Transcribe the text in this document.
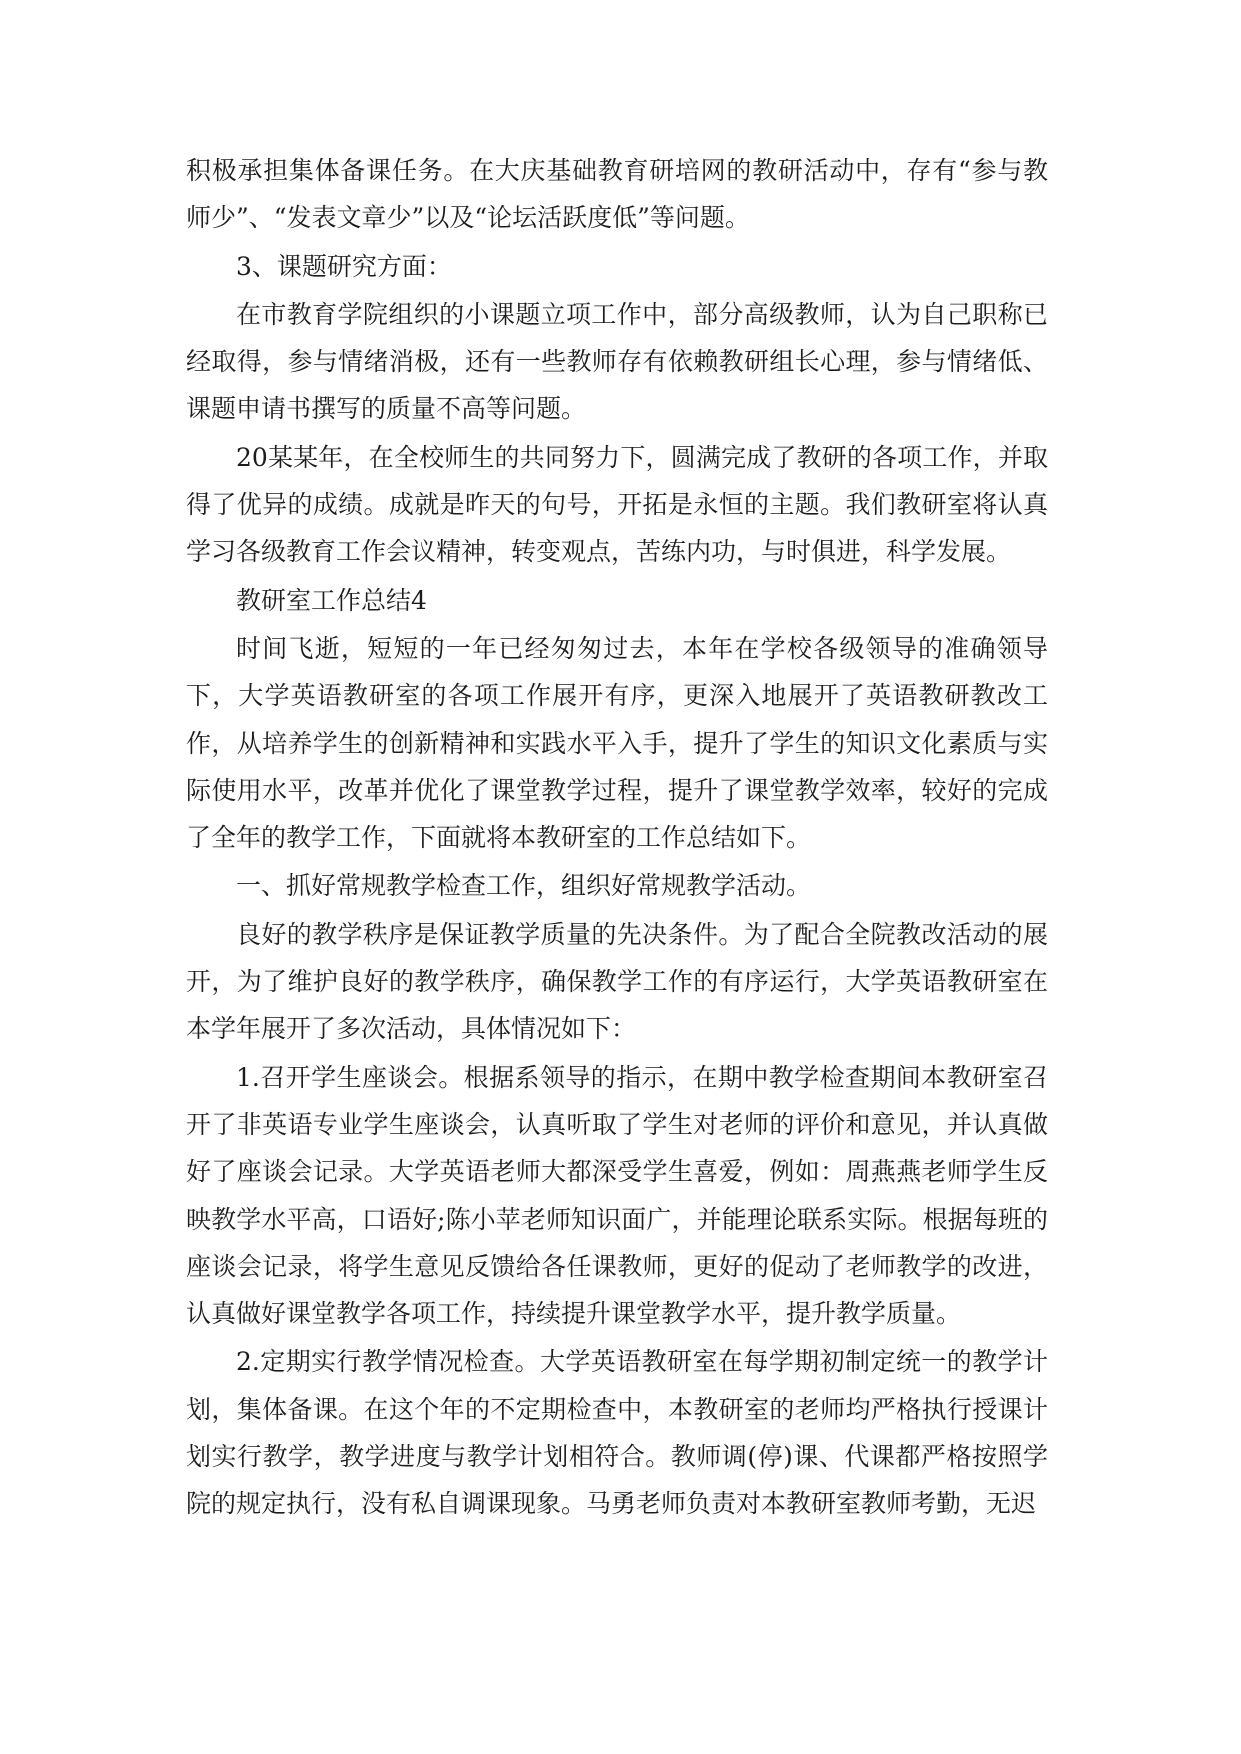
积极承担集体备课任务。在大庆基础教育研培网的教研活动中，存有“参与教师少”、“发表文章少”以及“论坛活跃度低”等问题。

3、课题研究方面：

在市教育学院组织的小课题立项工作中，部分高级教师，认为自己职称已经取得，参与情绪消极，还有一些教师存有依赖教研组长心理，参与情绪低、课题申请书撰写的质量不高等问题。

20某某年，在全校师生的共同努力下，圆满完成了教研的各项工作，并取得了优异的成绩。成就是昨天的句号，开拓是永恒的主题。我们教研室将认真学习各级教育工作会议精神，转变观点，苦练内功，与时俱进，科学发展。

教研室工作总结4

时间飞逝，短短的一年已经匆匆过去，本年在学校各级领导的准确领导下，大学英语教研室的各项工作展开有序，更深入地展开了英语教研教改工作，从培养学生的创新精神和实践水平入手，提升了学生的知识文化素质与实际使用水平，改革并优化了课堂教学过程，提升了课堂教学效率，较好的完成了全年的教学工作，下面就将本教研室的工作总结如下。

一、抓好常规教学检查工作，组织好常规教学活动。

良好的教学秩序是保证教学质量的先决条件。为了配合全院教改活动的展开，为了维护良好的教学秩序，确保教学工作的有序运行，大学英语教研室在本学年展开了多次活动，具体情况如下：

1.召开学生座谈会。根据系领导的指示，在期中教学检查期间本教研室召开了非英语专业学生座谈会，认真听取了学生对老师的评价和意见，并认真做好了座谈会记录。大学英语老师大都深受学生喜爱，例如：周燕燕老师学生反映教学水平高，口语好;陈小苹老师知识面广，并能理论联系实际。根据每班的座谈会记录，将学生意见反馈给各任课教师，更好的促动了老师教学的改进，认真做好课堂教学各项工作，持续提升课堂教学水平，提升教学质量。

2.定期实行教学情况检查。大学英语教研室在每学期初制定统一的教学计划，集体备课。在这个年的不定期检查中，本教研室的老师均严格执行授课计划实行教学，教学进度与教学计划相符合。教师调(停)课、代课都严格按照学院的规定执行，没有私自调课现象。马勇老师负责对本教研室教师考勤，无迟
